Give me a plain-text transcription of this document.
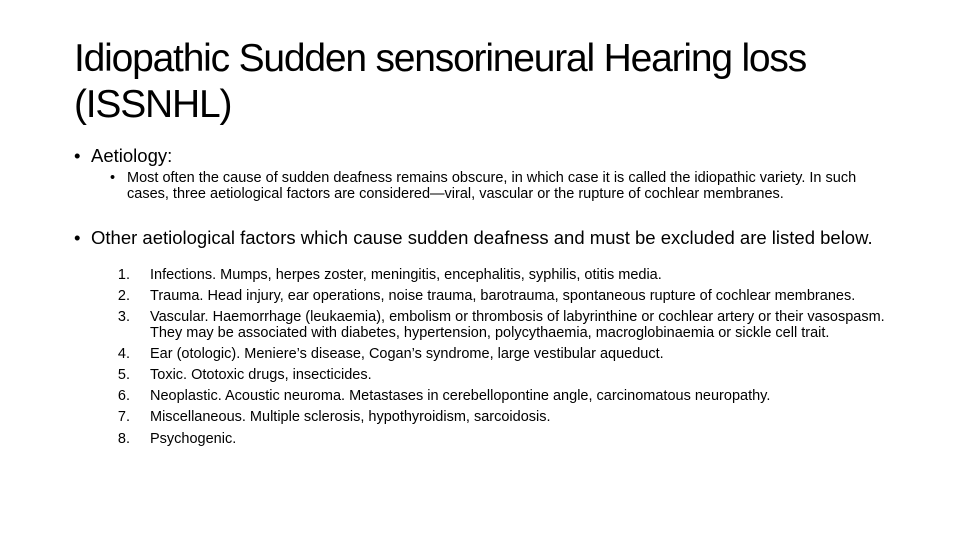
Idiopathic Sudden sensorineural Hearing loss (ISSNHL)
• Aetiology:
• Most often the cause of sudden deafness remains obscure, in which case it is called the idiopathic variety. In such cases, three aetiological factors are considered—viral, vascular or the rupture of cochlear membranes.
• Other aetiological factors which cause sudden deafness and must be excluded are listed below.
1.	Infections. Mumps, herpes zoster, meningitis, encephalitis, syphilis, otitis media.
2.	Trauma. Head injury, ear operations, noise trauma, barotrauma, spontaneous rupture of cochlear membranes.
3.	Vascular. Haemorrhage (leukaemia), embolism or thrombosis of labyrinthine or cochlear artery or their vasospasm. They may be associated with diabetes, hypertension, polycythaemia, macroglobinaemia or sickle cell trait.
4.	Ear (otologic). Meniere’s disease, Cogan’s syndrome, large vestibular aqueduct.
5.	Toxic. Ototoxic drugs, insecticides.
6.	Neoplastic. Acoustic neuroma. Metastases in cerebellopontine angle, carcinomatous neuropathy.
7.	Miscellaneous. Multiple sclerosis, hypothyroidism, sarcoidosis.
8.	Psychogenic.
